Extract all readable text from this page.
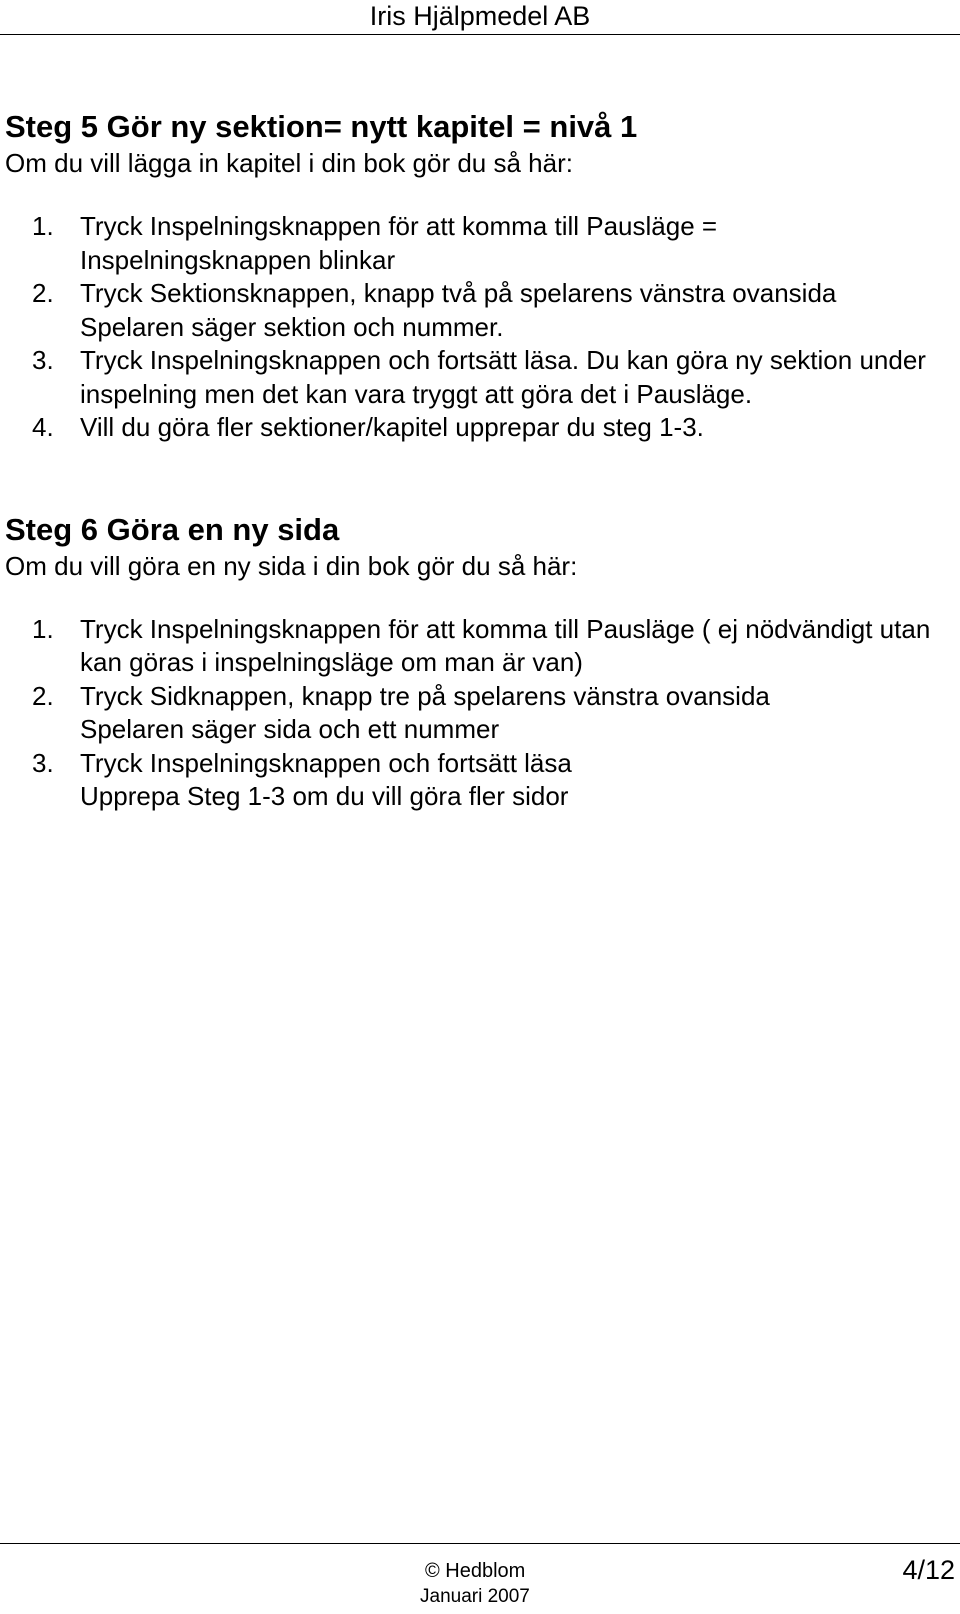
Iris Hjälpmedel AB
Steg 5 Gör ny sektion= nytt kapitel = nivå 1

Om du vill lägga in kapitel i din bok gör du så här:

1. Tryck Inspelningsknappen för att komma till Pausläge = Inspelningsknappen blinkar
2. Tryck Sektionsknappen, knapp två på spelarens vänstra ovansida
Spelaren säger sektion och nummer.
3. Tryck Inspelningsknappen och fortsätt läsa. Du kan göra ny sektion under inspelning men det kan vara tryggt att göra det i Pausläge.
4. Vill du göra fler sektioner/kapitel upprepar du steg 1-3.
Steg 6 Göra en ny sida

Om du vill göra en ny sida i din bok gör du så här:

1. Tryck Inspelningsknappen för att komma till Pausläge ( ej nödvändigt utan kan göras i inspelningsläge om man är van)
2. Tryck Sidknappen, knapp tre på spelarens vänstra ovansida
Spelaren säger sida och ett nummer
3. Tryck Inspelningsknappen och fortsätt läsa
Upprepa Steg 1-3 om du vill göra fler sidor
© Hedblom
Januari 2007
4/12
